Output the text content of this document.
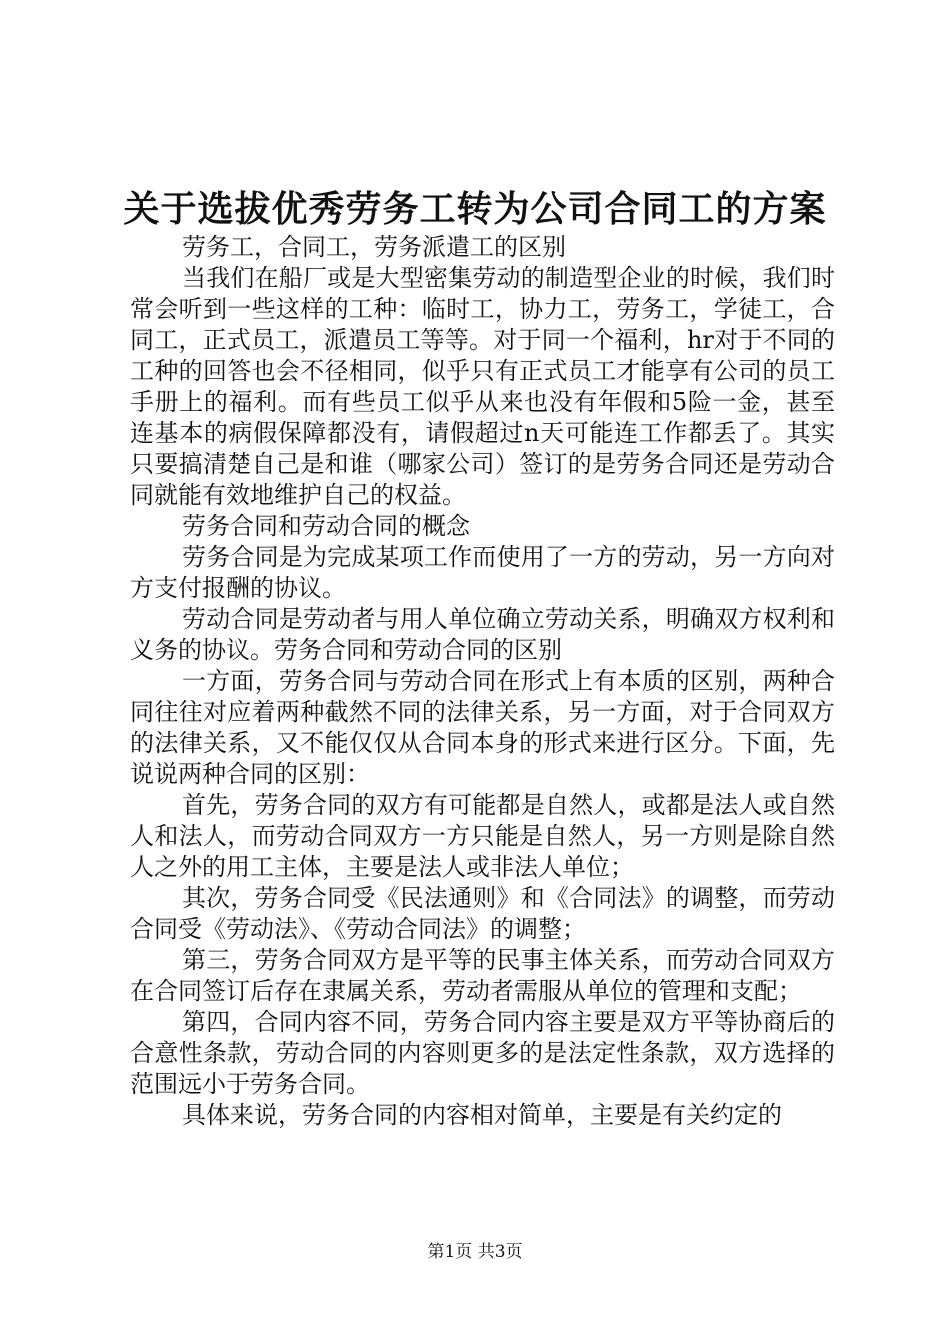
关于选拔优秀劳务工转为公司合同工的方案

劳务工，合同工，劳务派遣工的区别

当我们在船厂或是大型密集劳动的制造型企业的时候，我们时常会听到一些这样的工种：临时工，协力工，劳务工，学徒工，合同工，正式员工，派遣员工等等。对于同一个福利，hr对于不同的工种的回答也会不径相同，似乎只有正式员工才能享有公司的员工手册上的福利。而有些员工似乎从来也没有年假和5险一金，甚至连基本的病假保障都没有，请假超过n天可能连工作都丢了。其实只要搞清楚自己是和谁（哪家公司）签订的是劳务合同还是劳动合同就能有效地维护自己的权益。

劳务合同和劳动合同的概念

劳务合同是为完成某项工作而使用了一方的劳动，另一方向对方支付报酬的协议。

劳动合同是劳动者与用人单位确立劳动关系，明确双方权利和义务的协议。劳务合同和劳动合同的区别

一方面，劳务合同与劳动合同在形式上有本质的区别，两种合同往往对应着两种截然不同的法律关系，另一方面，对于合同双方的法律关系，又不能仅仅从合同本身的形式来进行区分。下面，先说说两种合同的区别：

首先，劳务合同的双方有可能都是自然人，或都是法人或自然人和法人，而劳动合同双方一方只能是自然人，另一方则是除自然人之外的用工主体，主要是法人或非法人单位；

其次，劳务合同受《民法通则》和《合同法》的调整，而劳动合同受《劳动法》、《劳动合同法》的调整；

第三，劳务合同双方是平等的民事主体关系，而劳动合同双方在合同签订后存在隶属关系，劳动者需服从单位的管理和支配；

第四，合同内容不同，劳务合同内容主要是双方平等协商后的合意性条款，劳动合同的内容则更多的是法定性条款，双方选择的范围远小于劳务合同。

具体来说，劳务合同的内容相对简单，主要是有关约定的

第1页 共3页
